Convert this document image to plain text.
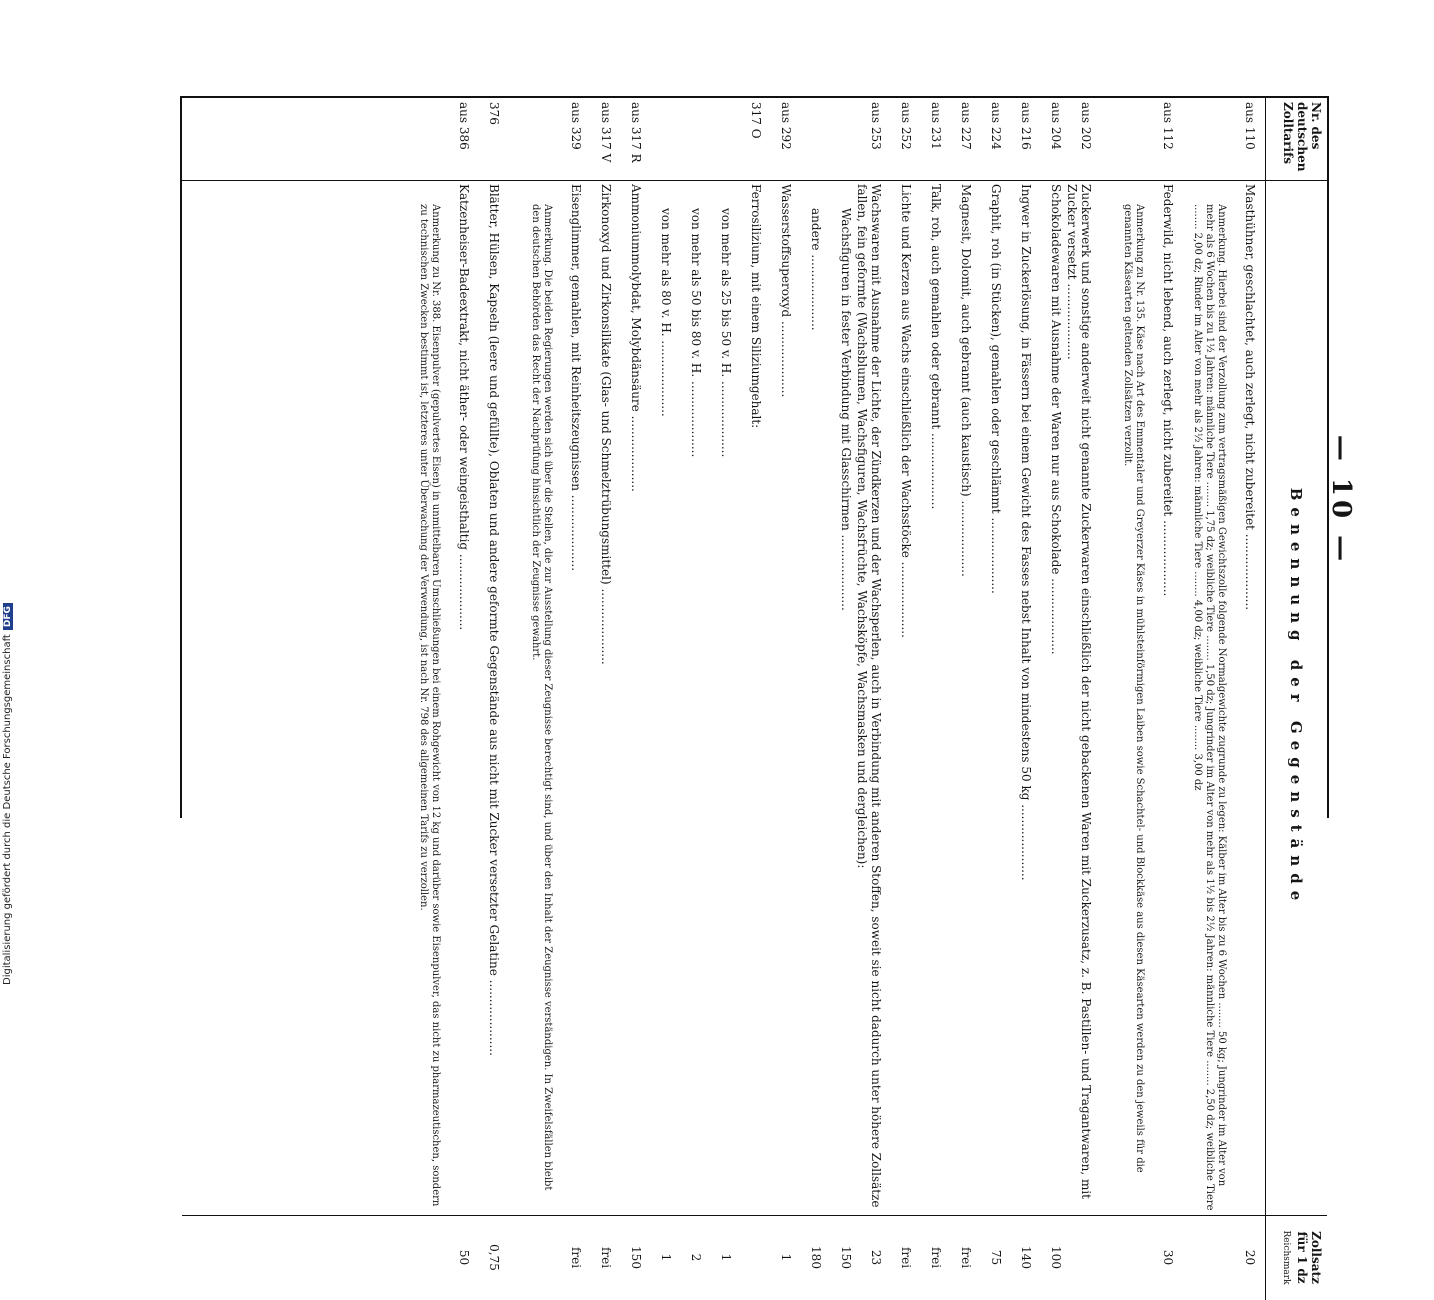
Digitalisierung gefördert durch die Deutsche ForschungsgemeinschaftDFG
— 10 —
Nr. des
deutschen
Zolltarifs
aus 110
aus 112
aus 202
aus 204
aus 216
aus 224
aus 227
aus 231
aus 252
aus 253
aus 292
317 O
aus 317 R
aus 317 V
aus 329
376
aus 386
Benennung der Gegenstände
Masthühner, geschlachtet, auch zerlegt, nicht zubereitet ....................
Anmerkung. Hierbei sind der Verzollung zum vertragsmäßigen Gewichtszolle folgende Normalgewichte zugrunde zu legen: Kälber im Alter bis zu 6 Wochen ........ 50 kg; Jungrinder im Alter von mehr als 6 Wochen bis zu 1½ Jahren: männliche Tiere ........ 1,75 dz; weibliche Tiere ........ 1,50 dz; Jungrinder im Alter von mehr als 1½ bis 2½ Jahren: männliche Tiere ........ 2,50 dz; weibliche Tiere ........ 2,00 dz; Rinder im Alter von mehr als 2½ Jahren: männliche Tiere ........ 4,00 dz; weibliche Tiere ........ 3,00 dz
Federwild, nicht lebend, auch zerlegt, nicht zubereitet ....................
Anmerkung zu Nr. 135. Käse nach Art des Emmentaler und Greyerzer Käses in mühlsteinförmigen Laiben sowie Schachtel- und Blockkäse aus diesen Käsearten werden zu den jeweils für die genannten Käsearten geltenden Zollsätzen verzollt.
Zuckerwerk und sonstige anderweit nicht genannte Zuckerwaren einschließlich der nicht gebackenen Waren mit Zuckerzusatz, z. B. Pastillen- und Tragantwaren, mit Zucker versetzt ....................
Schokoladewaren mit Ausnahme der Waren nur aus Schokolade ....................
Ingwer in Zuckerlösung, in Fässern bei einem Gewicht des Fasses nebst Inhalt von mindestens 50 kg ....................
Graphit, roh (in Stücken), gemahlen oder geschlämmt ....................
Magnesit, Dolomit, auch gebrannt (auch kaustisch) ....................
Talk, roh, auch gemahlen oder gebrannt ....................
Lichte und Kerzen aus Wachs einschließlich der Wachsstöcke ....................
Wachswaren mit Ausnahme der Lichte, der Zündkerzen und der Wachsperlen, auch in Verbindung mit anderen Stoffen, soweit sie nicht dadurch unter höhere Zollsätze fallen, fein geformte (Wachsblumen, Wachsfiguren, Wachsfrüchte, Wachsköpfe, Wachsmasken und dergleichen):
Wachsfiguren in fester Verbindung mit Glasschirmen ....................
andere ....................
Wasserstoffsuperoxyd ....................
Ferrosilizium, mit einem Siliziumgehalt:
von mehr als 25 bis 50 v. H. ....................
von mehr als 50 bis 80 v. H. ....................
von mehr als 80 v. H. ....................
Ammoniummolybdat, Molybdänsäure ....................
Zirkonoxyd und Zirkonsilikate (Glas- und Schmelztrübungsmittel) ....................
Eisenglimmer, gemahlen, mit Reinheitszeugnissen ....................
Anmerkung. Die beiden Regierungen werden sich über die Stellen, die zur Ausstellung dieser Zeugnisse berechtigt sind, und über den Inhalt der Zeugnisse verständigen. In Zweifelsfällen bleibt den deutschen Behörden das Recht der Nachprüfung hinsichtlich der Zeugnisse gewahrt.
Blätter, Hülsen, Kapseln (leere und gefüllte), Oblaten und andere geformte Gegenstände aus nicht mit Zucker versetzter Gelatine ....................
Katzenheiser-Badeextrakt, nicht äther- oder weingeisthaltig ....................
Anmerkung zu Nr. 388. Eisenpulver (gepulvertes Eisen) in unmittelbaren Umschließungen bei einem Rohgewicht von 12 kg und darüber sowie Eisenpulver, das nicht zu pharmazeutischen, sondern zu technischen Zwecken bestimmt ist, letzteres unter Überwachung der Verwendung, ist nach Nr. 798 des allgemeinen Tarifs zu verzollen.
Zollsatz
für 1 dz
Reichsmark
20
30
100
140
75
frei
frei
frei
23
150
180
1
1
2
1
150
frei
frei
0,75
50
